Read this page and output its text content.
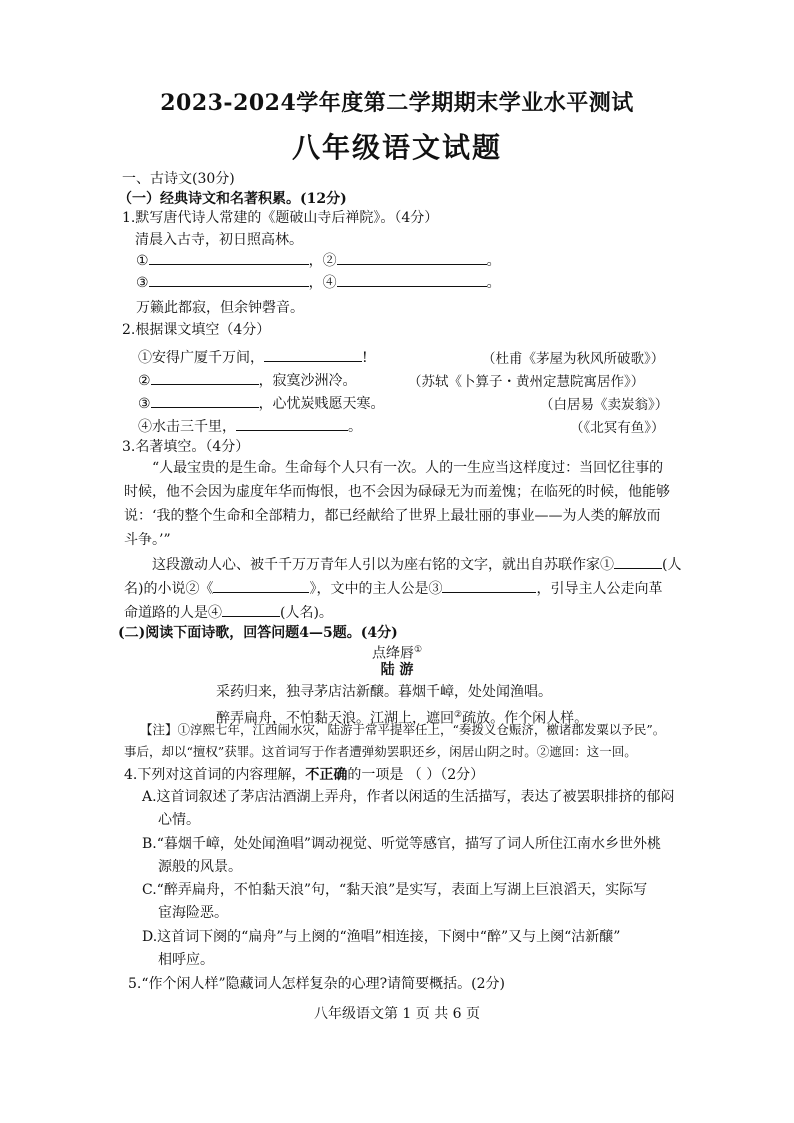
2023-2024学年度第二学期期末学业水平测试
八年级语文试题
一、古诗文(30分)
（一）经典诗文和名著积累。(12分)
1.默写唐代诗人常建的《题破山寺后禅院》。（4分）
清晨入古寺，初日照高林。
①	，②	。
③	，④	。
万籁此都寂，但余钟磬音。
2.根据课文填空（4分）
①安得广厦千万间，	!	（杜甫《茅屋为秋风所破歌》）
②	，寂寞沙洲冷。	（苏轼《卜算子・黄州定慧院寓居作》）
③	，心忧炭贱愿天寒。	（白居易《卖炭翁》）
④水击三千里，	。	（《北冥有鱼》）
3.名著填空。（4分）
“人最宝贵的是生命。生命每个人只有一次。人的一生应当这样度过：当回忆往事的
时候，他不会因为虚度年华而悔恨，也不会因为碌碌无为而羞愧；在临死的时候，他能够
说：‘我的整个生命和全部精力，都已经献给了世界上最壮丽的事业——为人类的解放而
斗争。’”
这段激动人心、被千千万万青年人引以为座右铭的文字，就出自苏联作家①	(人
名)的小说②《	》，文中的主人公是③	，引导主人公走向革
命道路的人是④	(人名)。
(二)阅读下面诗歌，回答问题4—5题。(4分)
点绛唇①
陆 游
采药归来，独寻茅店沽新醸。暮烟千嶂，处处闻渔唱。
醉弄扁舟，不怕黏天浪。江湖上，遮回②疏放。作个闲人样。
【注】①淳熙七年，江西闹水灾，陆游于常平提举任上，“奏拨义仓赈济，檄诸郡发粟以予民”。
事后，却以“擅权”获罪。这首词写于作者遭弹劾罢职还乡，闲居山阴之时。②遮回：这一回。
4.下列对这首词的内容理解，不正确的一项是 （ ）（2分）
A.这首词叙述了茅店沽酒湖上弄舟，作者以闲适的生活描写，表达了被罢职排挤的郁闷
心情。
B.“暮烟千嶂，处处闻渔唱”调动视觉、听觉等感官，描写了词人所住江南水乡世外桃
源般的风景。
C.“醉弄扁舟，不怕黏天浪”句，“黏天浪”是实写，表面上写湖上巨浪滔天，实际写
宦海险恶。
D.这首词下阕的“扁舟”与上阕的“渔唱”相连接，下阕中“醉”又与上阕“沽新醸”
相呼应。
5.“作个闲人样”隐藏词人怎样复杂的心理?请简要概括。(2分)
八年级语文第 1 页 共 6 页
